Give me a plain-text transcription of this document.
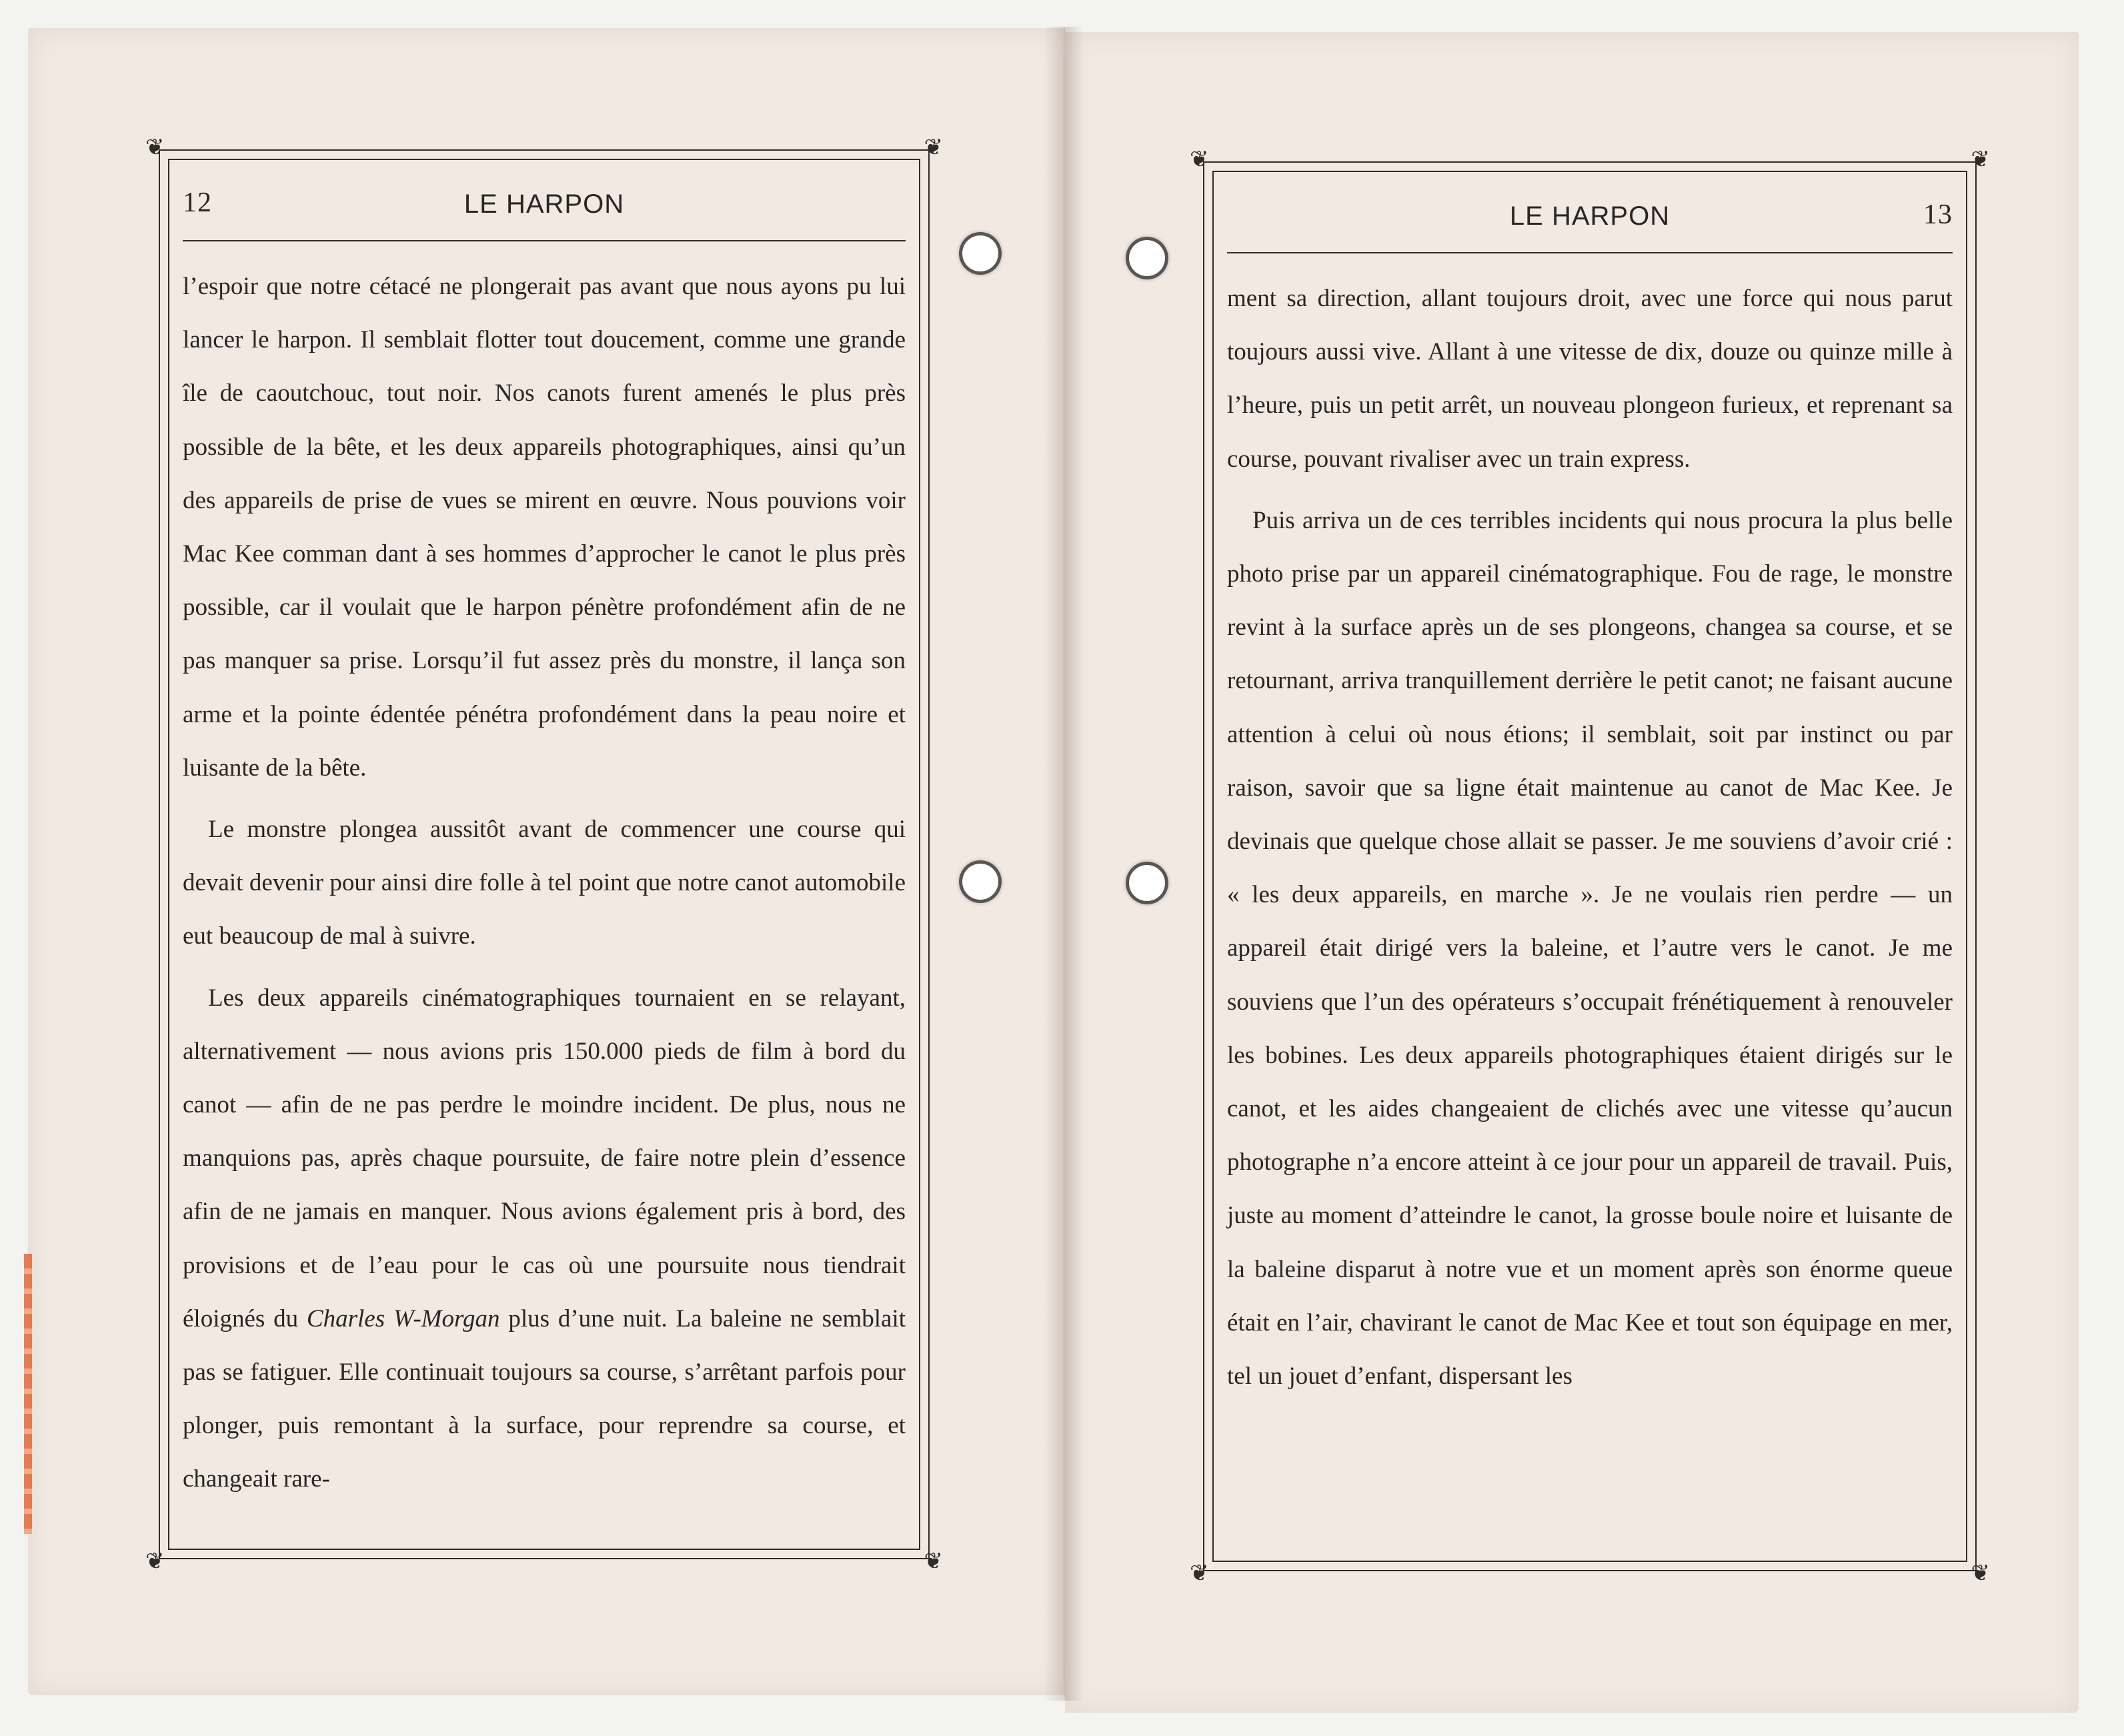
❦	❦
❦	❦
12	LE HARPON

l’espoir que notre cétacé ne plongerait pas avant que nous ayons pu lui lancer le harpon. Il semblait flotter tout doucement, comme une grande île de caoutchouc, tout noir. Nos canots furent amenés le plus près possible de la bête, et les deux appareils photographiques, ainsi qu’un des appareils de prise de vues se mirent en œuvre. Nous pouvions voir Mac Kee comman dant à ses hommes d’approcher le canot le plus près possible, car il voulait que le harpon pénètre profondément afin de ne pas manquer sa prise. Lorsqu’il fut assez près du monstre, il lança son arme et la pointe édentée pénétra profondément dans la peau noire et luisante de la bête.

Le monstre plongea aussitôt avant de commencer une course qui devait devenir pour ainsi dire folle à tel point que notre canot automobile eut beaucoup de mal à suivre.

Les deux appareils cinématographiques tournaient en se relayant, alternativement — nous avions pris 150.000 pieds de film à bord du canot — afin de ne pas perdre le moindre incident. De plus, nous ne manquions pas, après chaque poursuite, de faire notre plein d’essence afin de ne jamais en manquer. Nous avions également pris à bord, des provisions et de l’eau pour le cas où une poursuite nous tiendrait éloignés du Charles W-Morgan plus d’une nuit. La baleine ne semblait pas se fatiguer. Elle continuait toujours sa course, s’arrêtant parfois pour plonger, puis remontant à la surface, pour reprendre sa course, et changeait rare-

❦	❦
❦	❦
LE HARPON	13

ment sa direction, allant toujours droit, avec une force qui nous parut toujours aussi vive. Allant à une vitesse de dix, douze ou quinze mille à l’heure, puis un petit arrêt, un nouveau plongeon furieux, et reprenant sa course, pouvant rivaliser avec un train express.

Puis arriva un de ces terribles incidents qui nous procura la plus belle photo prise par un appareil cinématographique. Fou de rage, le monstre revint à la surface après un de ses plongeons, changea sa course, et se retournant, arriva tranquillement derrière le petit canot; ne faisant aucune attention à celui où nous étions; il semblait, soit par instinct ou par raison, savoir que sa ligne était maintenue au canot de Mac Kee. Je devinais que quelque chose allait se passer. Je me souviens d’avoir crié : « les deux appareils, en marche ». Je ne voulais rien perdre — un appareil était dirigé vers la baleine, et l’autre vers le canot. Je me souviens que l’un des opérateurs s’occupait frénétiquement à renouveler les bobines. Les deux appareils photographiques étaient dirigés sur le canot, et les aides changeaient de clichés avec une vitesse qu’aucun photographe n’a encore atteint à ce jour pour un appareil de travail. Puis, juste au moment d’atteindre le canot, la grosse boule noire et luisante de la baleine disparut à notre vue et un moment après son énorme queue était en l’air, chavirant le canot de Mac Kee et tout son équipage en mer, tel un jouet d’enfant, dispersant les
